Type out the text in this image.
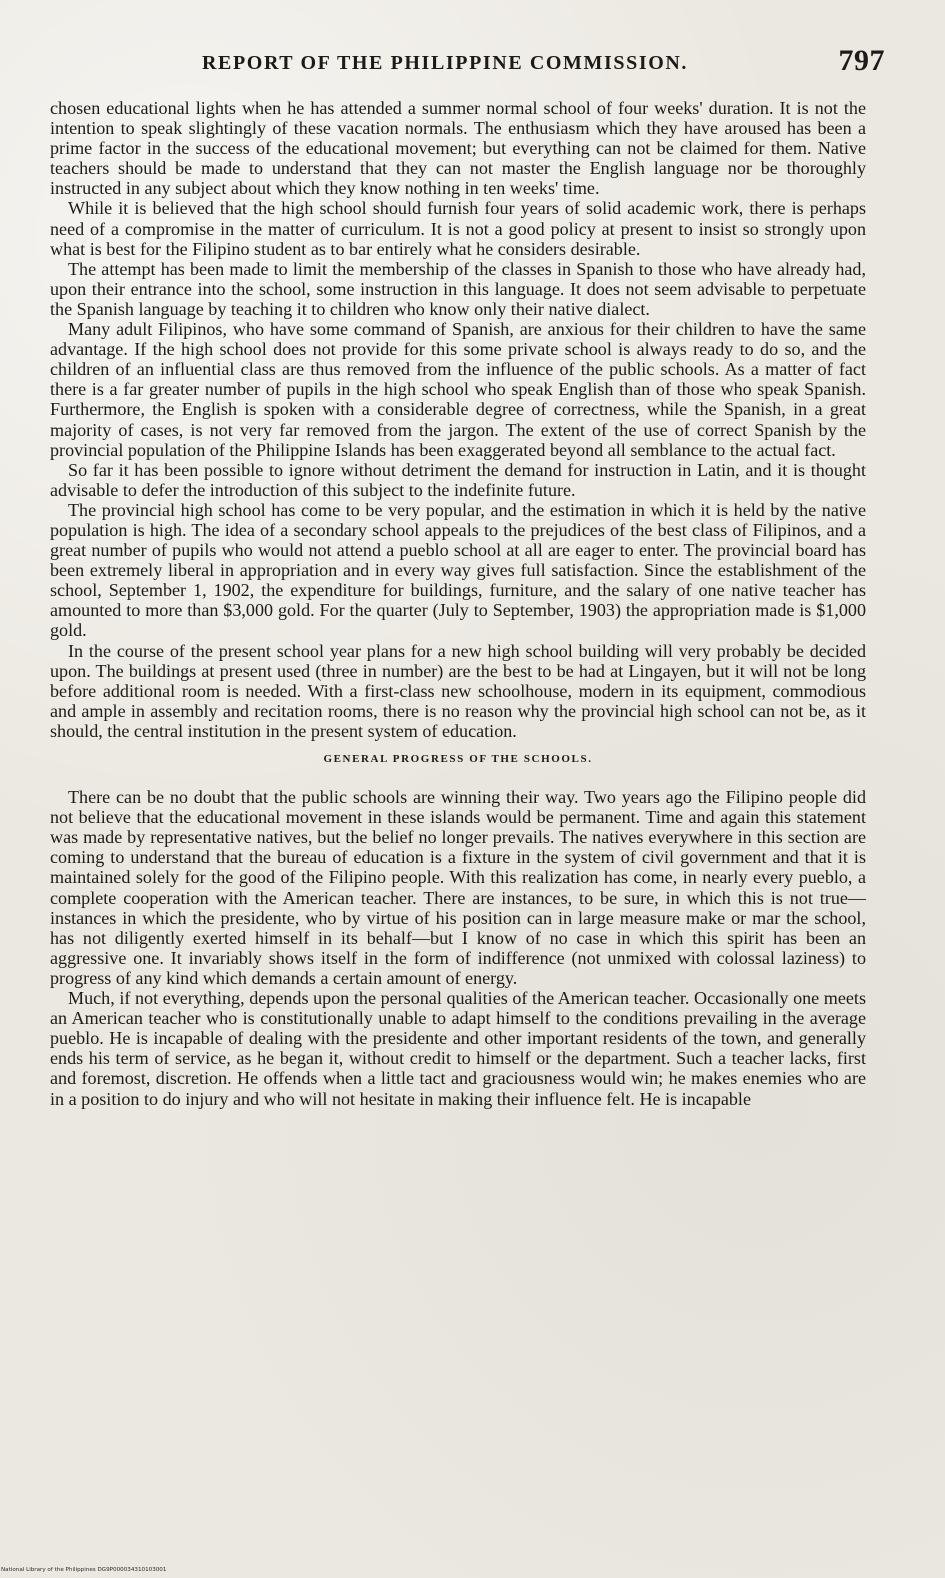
REPORT OF THE PHILIPPINE COMMISSION.	797

chosen educational lights when he has attended a summer normal school of four weeks' duration. It is not the intention to speak slightingly of these vacation normals. The enthusiasm which they have aroused has been a prime factor in the success of the educational movement; but everything can not be claimed for them. Native teachers should be made to understand that they can not master the English language nor be thoroughly instructed in any subject about which they know nothing in ten weeks' time.

While it is believed that the high school should furnish four years of solid academic work, there is perhaps need of a compromise in the matter of curriculum. It is not a good policy at present to insist so strongly upon what is best for the Filipino student as to bar entirely what he considers desirable.

The attempt has been made to limit the membership of the classes in Spanish to those who have already had, upon their entrance into the school, some instruction in this language. It does not seem advisable to perpetuate the Spanish language by teaching it to children who know only their native dialect.

Many adult Filipinos, who have some command of Spanish, are anxious for their children to have the same advantage. If the high school does not provide for this some private school is always ready to do so, and the children of an influential class are thus removed from the influence of the public schools. As a matter of fact there is a far greater number of pupils in the high school who speak English than of those who speak Spanish. Furthermore, the English is spoken with a considerable degree of correctness, while the Spanish, in a great majority of cases, is not very far removed from the jargon. The extent of the use of correct Spanish by the provincial population of the Philippine Islands has been exaggerated beyond all semblance to the actual fact.

So far it has been possible to ignore without detriment the demand for instruction in Latin, and it is thought advisable to defer the introduction of this subject to the indefinite future.

The provincial high school has come to be very popular, and the estimation in which it is held by the native population is high. The idea of a secondary school appeals to the prejudices of the best class of Filipinos, and a great number of pupils who would not attend a pueblo school at all are eager to enter. The provincial board has been extremely liberal in appropriation and in every way gives full satisfaction. Since the establishment of the school, September 1, 1902, the expenditure for buildings, furniture, and the salary of one native teacher has amounted to more than $3,000 gold. For the quarter (July to September, 1903) the appropriation made is $1,000 gold.

In the course of the present school year plans for a new high school building will very probably be decided upon. The buildings at present used (three in number) are the best to be had at Lingayen, but it will not be long before additional room is needed. With a first-class new schoolhouse, modern in its equipment, commodious and ample in assembly and recitation rooms, there is no reason why the provincial high school can not be, as it should, the central institution in the present system of education.

GENERAL PROGRESS OF THE SCHOOLS.

There can be no doubt that the public schools are winning their way. Two years ago the Filipino people did not believe that the educational movement in these islands would be permanent. Time and again this statement was made by representative natives, but the belief no longer prevails. The natives everywhere in this section are coming to understand that the bureau of education is a fixture in the system of civil government and that it is maintained solely for the good of the Filipino people. With this realization has come, in nearly every pueblo, a complete cooperation with the American teacher. There are instances, to be sure, in which this is not true—instances in which the presidente, who by virtue of his position can in large measure make or mar the school, has not diligently exerted himself in its behalf—but I know of no case in which this spirit has been an aggressive one. It invariably shows itself in the form of indifference (not unmixed with colossal laziness) to progress of any kind which demands a certain amount of energy.

Much, if not everything, depends upon the personal qualities of the American teacher. Occasionally one meets an American teacher who is constitutionally unable to adapt himself to the conditions prevailing in the average pueblo. He is incapable of dealing with the presidente and other important residents of the town, and generally ends his term of service, as he began it, without credit to himself or the department. Such a teacher lacks, first and foremost, discretion. He offends when a little tact and graciousness would win; he makes enemies who are in a position to do injury and who will not hesitate in making their influence felt. He is incapable

National Library of the Philippines DG9P000034310103001
